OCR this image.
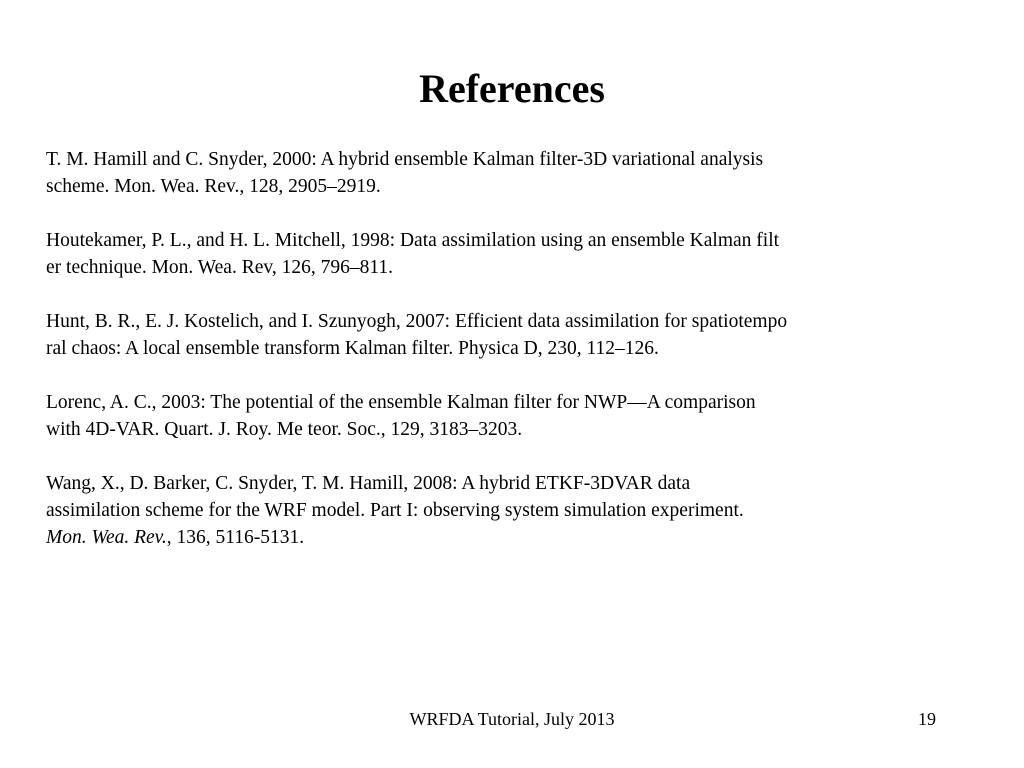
References

T. M. Hamill and C. Snyder, 2000: A hybrid ensemble Kalman filter-3D variational analysis
scheme. Mon. Wea. Rev., 128, 2905–2919.

Houtekamer, P. L., and H. L. Mitchell, 1998: Data assimilation using an ensemble Kalman filt
er technique. Mon. Wea. Rev, 126, 796–811.

Hunt, B. R., E. J. Kostelich, and I. Szunyogh, 2007: Efficient data assimilation for spatiotempo
ral chaos: A local ensemble transform Kalman filter. Physica D, 230, 112–126.

Lorenc, A. C., 2003: The potential of the ensemble Kalman filter for NWP—A comparison
with 4D-VAR. Quart. J. Roy. Me teor. Soc., 129, 3183–3203.

Wang, X., D. Barker, C. Snyder, T. M. Hamill, 2008: A hybrid ETKF-3DVAR data
assimilation scheme for the WRF model. Part I: observing system simulation experiment.
Mon. Wea. Rev., 136, 5116-5131.

WRFDA Tutorial, July 2013	19
